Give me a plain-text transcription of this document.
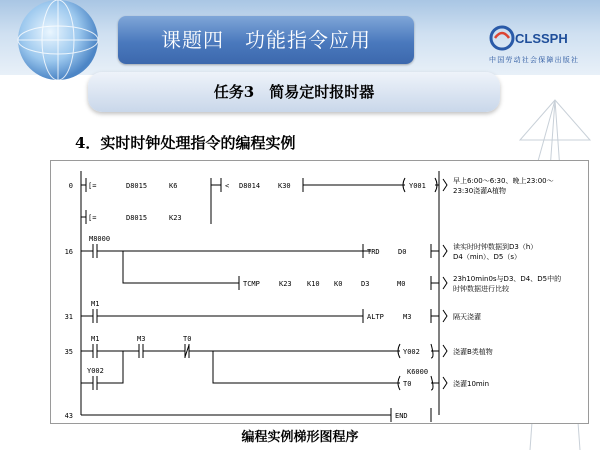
课题四　功能指令应用	CLSSPH
中国劳动社会保障出版社
任务3　简易定时报时器
4．实时时钟处理指令的编程实例
0
16
31
35
43
[=	D8015	K6	< D8014	K30
[=	D8015	K23
Y001
早上6:00～6:30、晚上23:00～
23:30浇灌A植物
M8000
TRD	D0
读实时时钟数据到D3（h）
D4（min）、D5（s）
TCMP	K23 K10 K0	D3	M0
23h10min0s与D3、D4、D5中的
时钟数据进行比较
M1
ALTP	M3	隔天浇灌
M1	M3	T0
Y002
Y002	浇灌B类植物
K6000
T0	浇灌10min
END
编程实例梯形图程序
